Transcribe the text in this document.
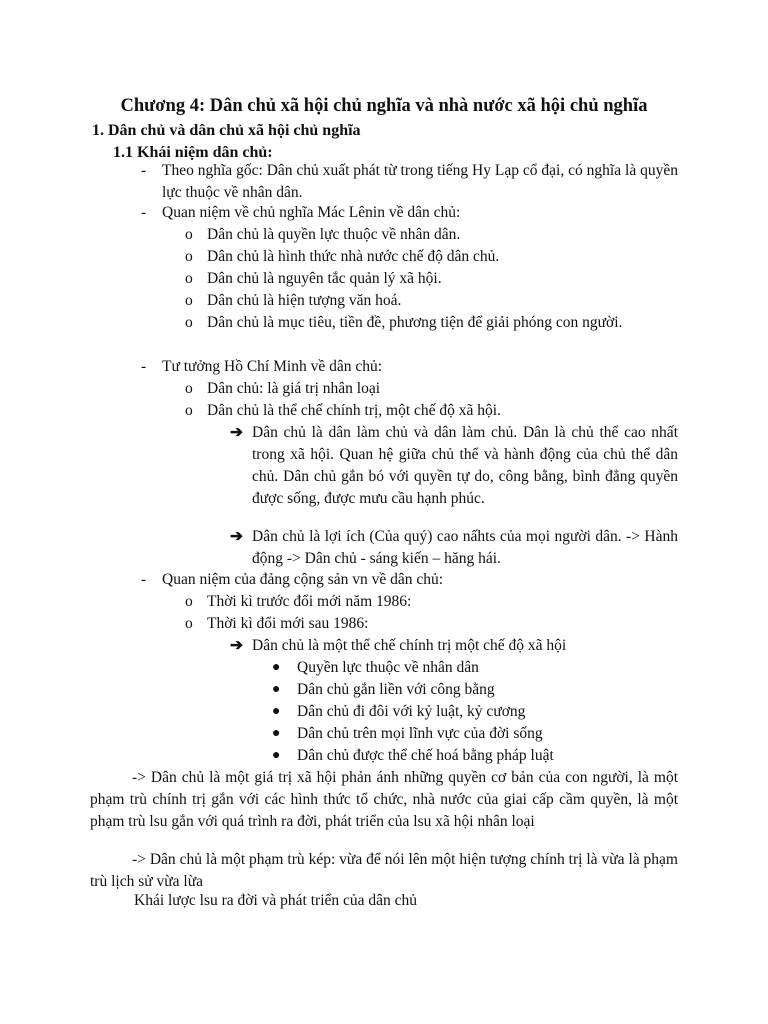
Chương 4: Dân chủ xã hội chủ nghĩa và nhà nước xã hội chủ nghĩa
1. Dân chủ và dân chủ xã hội chủ nghĩa
1.1 Khái niệm dân chủ:
- Theo nghĩa gốc: Dân chủ xuất phát từ trong tiếng Hy Lạp cổ đại, có nghĩa là quyền lực thuộc về nhân dân.
- Quan niệm về chủ nghĩa Mác Lênin về dân chủ:
o Dân chủ là quyền lực thuộc về nhân dân.
o Dân chủ là hình thức nhà nước chế độ dân chủ.
o Dân chủ là nguyên tắc quản lý xã hội.
o Dân chủ là hiện tượng văn hoá.
o Dân chủ là mục tiêu, tiền đề, phương tiện để giải phóng con người.
- Tư tưởng Hồ Chí Minh về dân chủ:
o Dân chủ: là giá trị nhân loại
o Dân chủ là thể chế chính trị, một chế độ xã hội.
➔ Dân chủ là dân làm chủ và dân làm chủ. Dân là chủ thể cao nhất trong xã hội. Quan hệ giữa chủ thể và hành động của chủ thể dân chủ. Dân chủ gắn bó với quyền tự do, công bằng, bình đẳng quyền được sống, được mưu cầu hạnh phúc.
➔ Dân chủ là lợi ích (Của quý) cao nấhts của mọi người dân. -> Hành động -> Dân chủ - sáng kiến – hăng hái.
- Quan niệm của đảng cộng sản vn về dân chủ:
o Thời kì trước đổi mới năm 1986:
o Thời kì đổi mới sau 1986:
➔ Dân chủ là một thể chế chính trị một chế độ xã hội
● Quyền lực thuộc về nhân dân
● Dân chủ gắn liền với công bằng
● Dân chủ đi đôi với kỷ luật, kỷ cương
● Dân chủ trên mọi lĩnh vực của đời sống
● Dân chủ được thể chế hoá bằng pháp luật
-> Dân chủ là một giá trị xã hội phản ánh những quyền cơ bản của con người, là một phạm trù chính trị gắn với các hình thức tổ chức, nhà nước của giai cấp cầm quyền, là một phạm trù lsu gắn với quá trình ra đời, phát triển của lsu xã hội nhân loại
-> Dân chủ là một phạm trù kép: vừa để nói lên một hiện tượng chính trị là vừa là phạm trù lịch sử vừa lừa
Khái lược lsu ra đời và phát triển của dân chủ
